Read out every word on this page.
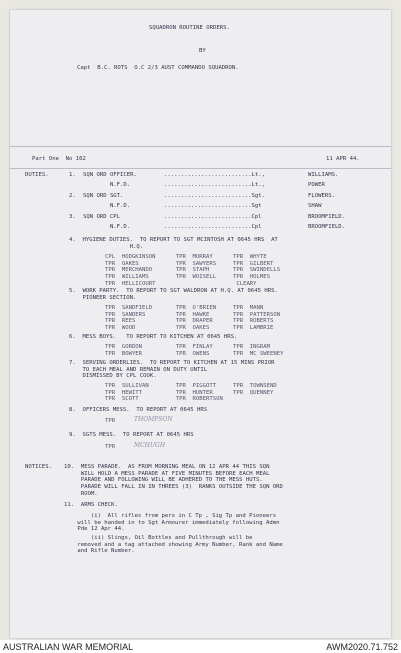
SQUADRON ROUTINE ORDERS.
BY
Capt  B.C. ROTS  O.C 2/3 AUST COMMANDO SQUADRON.
Part One  No 102	11 APR 44.
DUTIES.	1. SQN ORD OFFICER.	..........................Lt.,	WILLIAMS.
N.F.D.	..........................Lt.,	POWER
2. SQN ORD SGT.	..........................Sgt.	FLOWERS.
N.F.D.	..........................Sgt	SHAW
3. SQN ORD CPL	..........................Cpl	BROOMFIELD.
N.F.D.	..........................Cpl	BROOMFIELD.
4.  HYGIENE DUTIES.  TO REPORT TO SGT MCINTOSH AT 0645 HRS  AT
H.Q.
CPL  HODGKINSON      TPR  MURRAY      TPR  WHYTE
TPR  OAKES           TPR  SAWYERS     TPR  GILBERT
TPR  MERCHANDO       TPR  STAPH       TPR  SWINDELLS
TPR  WILLIAMS        TPR  WOISELL     TPR  HOLMES
TPR  HELLICOURT                        CLEARY
5.  WORK PARTY.  TO REPORT TO SGT WALDRON AT H.Q. AT 0645 HRS.
PIONEER SECTION.
TPR  SANDFIELD       TPR  O'BRIEN     TPR  MANN
TPR  SANDERS         TPR  HAWKE       TPR  PATTERSON
TPR  REES            TPR  DRAPER      TPR  ROBERTS
TPR  WOOD            TPR  OAKES       TPR  LAMBRIE
6.  MESS BOYS.   TO REPORT TO KITCHEN AT 0645 HRS.
TPR  GORDON          TPR  FINLAY      TPR  INGRAM
TPR  BOWYER          TPR  OWENS       TPR  MC SWEENEY
7.  SERVING ORDERLIES.  TO REPORT TO KITCHEN AT 15 MINS PRIOR
TO EACH MEAL AND REMAIN ON DUTY UNTIL
DISMISSED BY CPL COOK.
TPR  SULLIVAN        TPR  PIGGOTT     TPR  TOWNSEND
TPR  HEWITT          TPR  HUNTER      TPR  QUENNEY
TPR  SCOTT           TPR  ROBERTSON
8.  OFFICERS MESS.  TO REPORT AT 0645 HRS
TPR	THOMPSON
9.  SGTS MESS.  TO REPORT AT 0645 HRS
TPR	MCHUGH
NOTICES. 10.  MESS PARADE.  AS FROM MORNING MEAL ON 12 APR 44 THIS SQN
WILL HOLD A MESS PARADE AT FIVE MINUTES BEFORE EACH MEAL
PARADE AND FOLLOWING WILL BE ADHERED TO THE MESS HUTS.
PARADE WILL FALL IN IN THREES (3)  RANKS OUTSIDE THE SQN ORD
ROOM.
11.  ARMS CHECK.
(i)  All rifles from pers in C Tp , Sig Tp and Pioneers
will be handed in to Sgt Armourer immediately following Admn
Pde 12 Apr 44.
(ii) Slings, Oil Bottles and Pullthrough will be
removed and a tag attached showing Army Number, Rank and Name
and Rifle Number.
AUSTRALIAN WAR MEMORIAL	AWM2020.71.752
